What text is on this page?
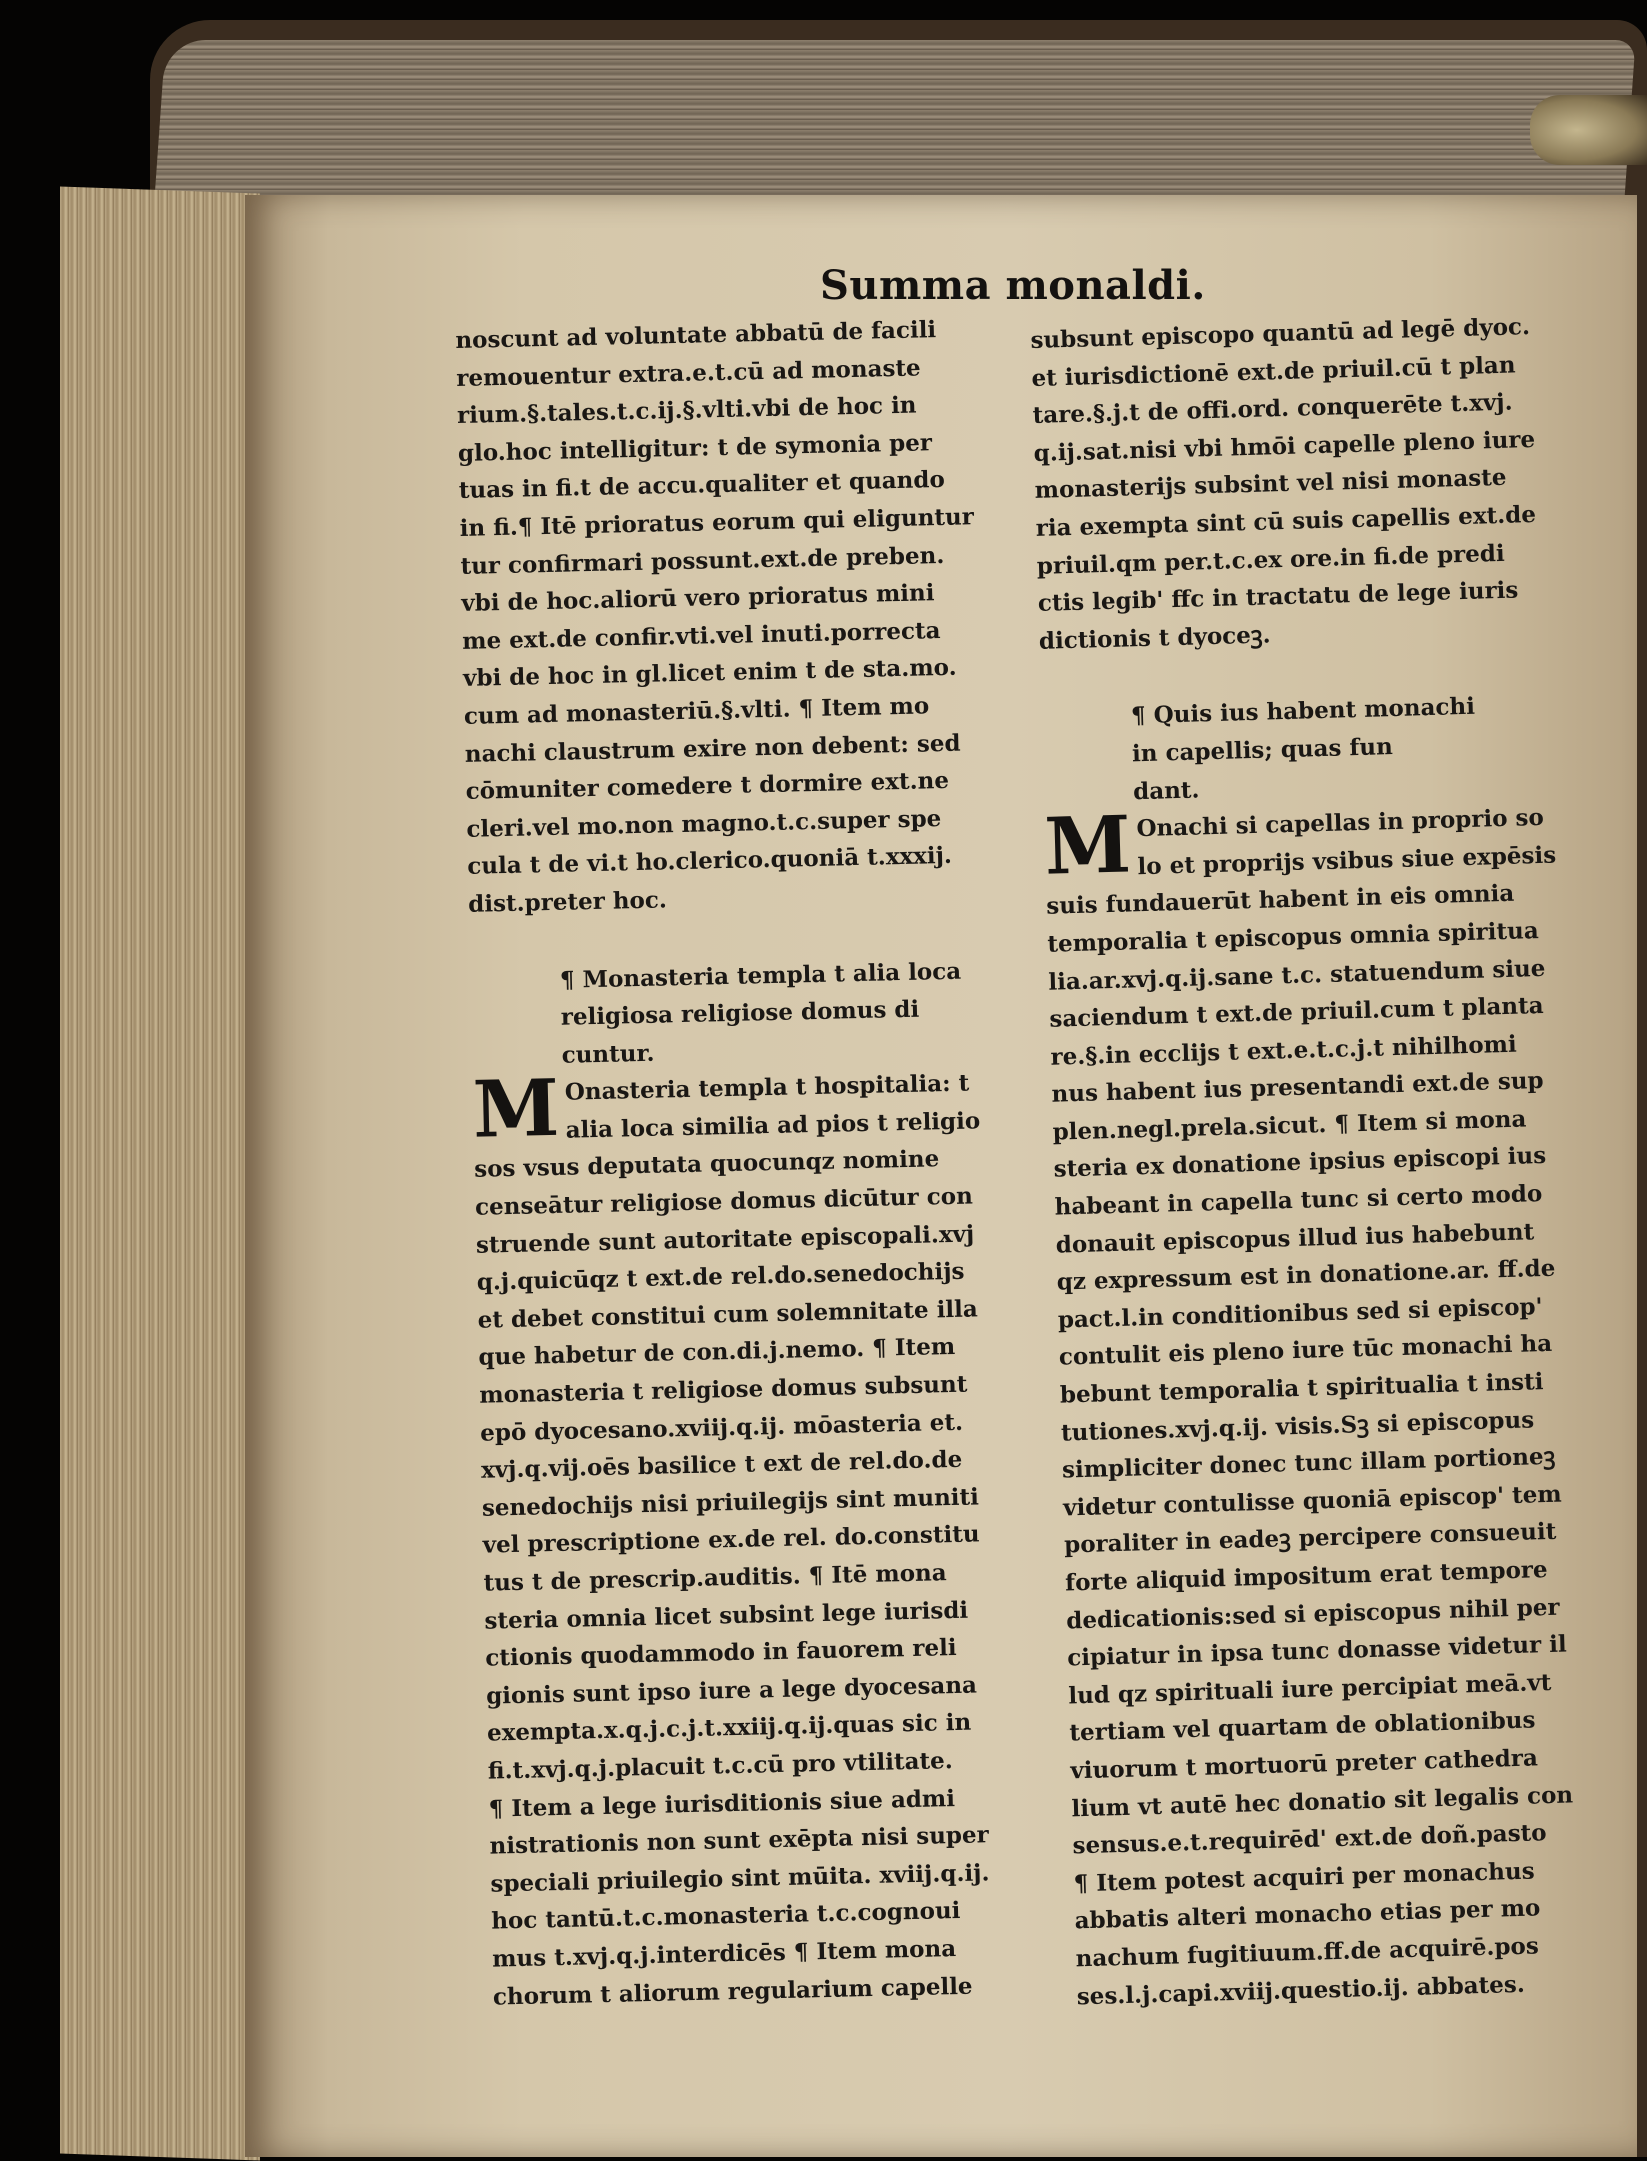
Summa monaldi.
noscunt ad voluntate abbatū de facili
remouentur extra.e.t.cū ad monaste
rium.§.tales.t.c.ij.§.vlti.vbi de hoc in
glo.hoc intelligitur: t de symonia per
tuas in fi.t de accu.qualiter et quando
in fi.¶ Itē prioratus eorum qui eliguntur
tur confirmari possunt.ext.de preben.
vbi de hoc.aliorū vero prioratus mini
me ext.de confir.vti.vel inuti.porrecta
vbi de hoc in gl.licet enim t de sta.mo.
cum ad monasteriū.§.vlti. ¶ Item mo
nachi claustrum exire non debent: sed
cōmuniter comedere t dormire ext.ne
cleri.vel mo.non magno.t.c.super spe
cula t de vi.t ho.clerico.quoniā t.xxxij.
dist.preter hoc.
¶ Monasteria templa t alia loca
religiosa religiose domus di
cuntur.
M Onasteria templa t hospitalia: t
alia loca similia ad pios t religio
sos vsus deputata quocunqz nomine
censeātur religiose domus dicūtur con
struende sunt autoritate episcopali.xvj
q.j.quicūqz t ext.de rel.do.senedochijs
et debet constitui cum solemnitate illa
que habetur de con.di.j.nemo. ¶ Item
monasteria t religiose domus subsunt
epō dyocesano.xviij.q.ij. mōasteria et.
xvj.q.vij.oēs basilice t ext de rel.do.de
senedochijs nisi priuilegijs sint muniti
vel prescriptione ex.de rel. do.constitu
tus t de prescrip.auditis. ¶ Itē mona
steria omnia licet subsint lege iurisdi
ctionis quodammodo in fauorem reli
gionis sunt ipso iure a lege dyocesana
exempta.x.q.j.c.j.t.xxiij.q.ij.quas sic in
fi.t.xvj.q.j.placuit t.c.cū pro vtilitate.
¶ Item a lege iurisditionis siue admi
nistrationis non sunt exēpta nisi super
speciali priuilegio sint mūita. xviij.q.ij.
hoc tantū.t.c.monasteria t.c.cognoui
mus t.xvj.q.j.interdicēs ¶ Item mona
chorum t aliorum regularium capelle
subsunt episcopo quantū ad legē dyoc.
et iurisdictionē ext.de priuil.cū t plan
tare.§.j.t de offi.ord. conquerēte t.xvj.
q.ij.sat.nisi vbi hmōi capelle pleno iure
monasterijs subsint vel nisi monaste
ria exempta sint cū suis capellis ext.de
priuil.qm per.t.c.ex ore.in fi.de predi
ctis legib' ffc in tractatu de lege iuris
dictionis t dyoceꝫ.
¶ Quis ius habent monachi
in capellis; quas fun
dant.
M Onachi si capellas in proprio so
lo et proprijs vsibus siue expēsis
suis fundauerūt habent in eis omnia
temporalia t episcopus omnia spiritua
lia.ar.xvj.q.ij.sane t.c. statuendum siue
saciendum t ext.de priuil.cum t planta
re.§.in ecclijs t ext.e.t.c.j.t nihilhomi
nus habent ius presentandi ext.de sup
plen.negl.prela.sicut. ¶ Item si mona
steria ex donatione ipsius episcopi ius
habeant in capella tunc si certo modo
donauit episcopus illud ius habebunt
qz expressum est in donatione.ar. ff.de
pact.l.in conditionibus sed si episcop'
contulit eis pleno iure tūc monachi ha
bebunt temporalia t spiritualia t insti
tutiones.xvj.q.ij. visis.Sꝫ si episcopus
simpliciter donec tunc illam portioneꝫ
videtur contulisse quoniā episcop' tem
poraliter in eadeꝫ percipere consueuit
forte aliquid impositum erat tempore
dedicationis:sed si episcopus nihil per
cipiatur in ipsa tunc donasse videtur il
lud qz spirituali iure percipiat meā.vt
tertiam vel quartam de oblationibus
viuorum t mortuorū preter cathedra
lium vt autē hec donatio sit legalis con
sensus.e.t.requirēd' ext.de doñ.pasto
¶ Item potest acquiri per monachus
abbatis alteri monacho etias per mo
nachum fugitiuum.ff.de acquirē.pos
ses.l.j.capi.xviij.questio.ij. abbates.
